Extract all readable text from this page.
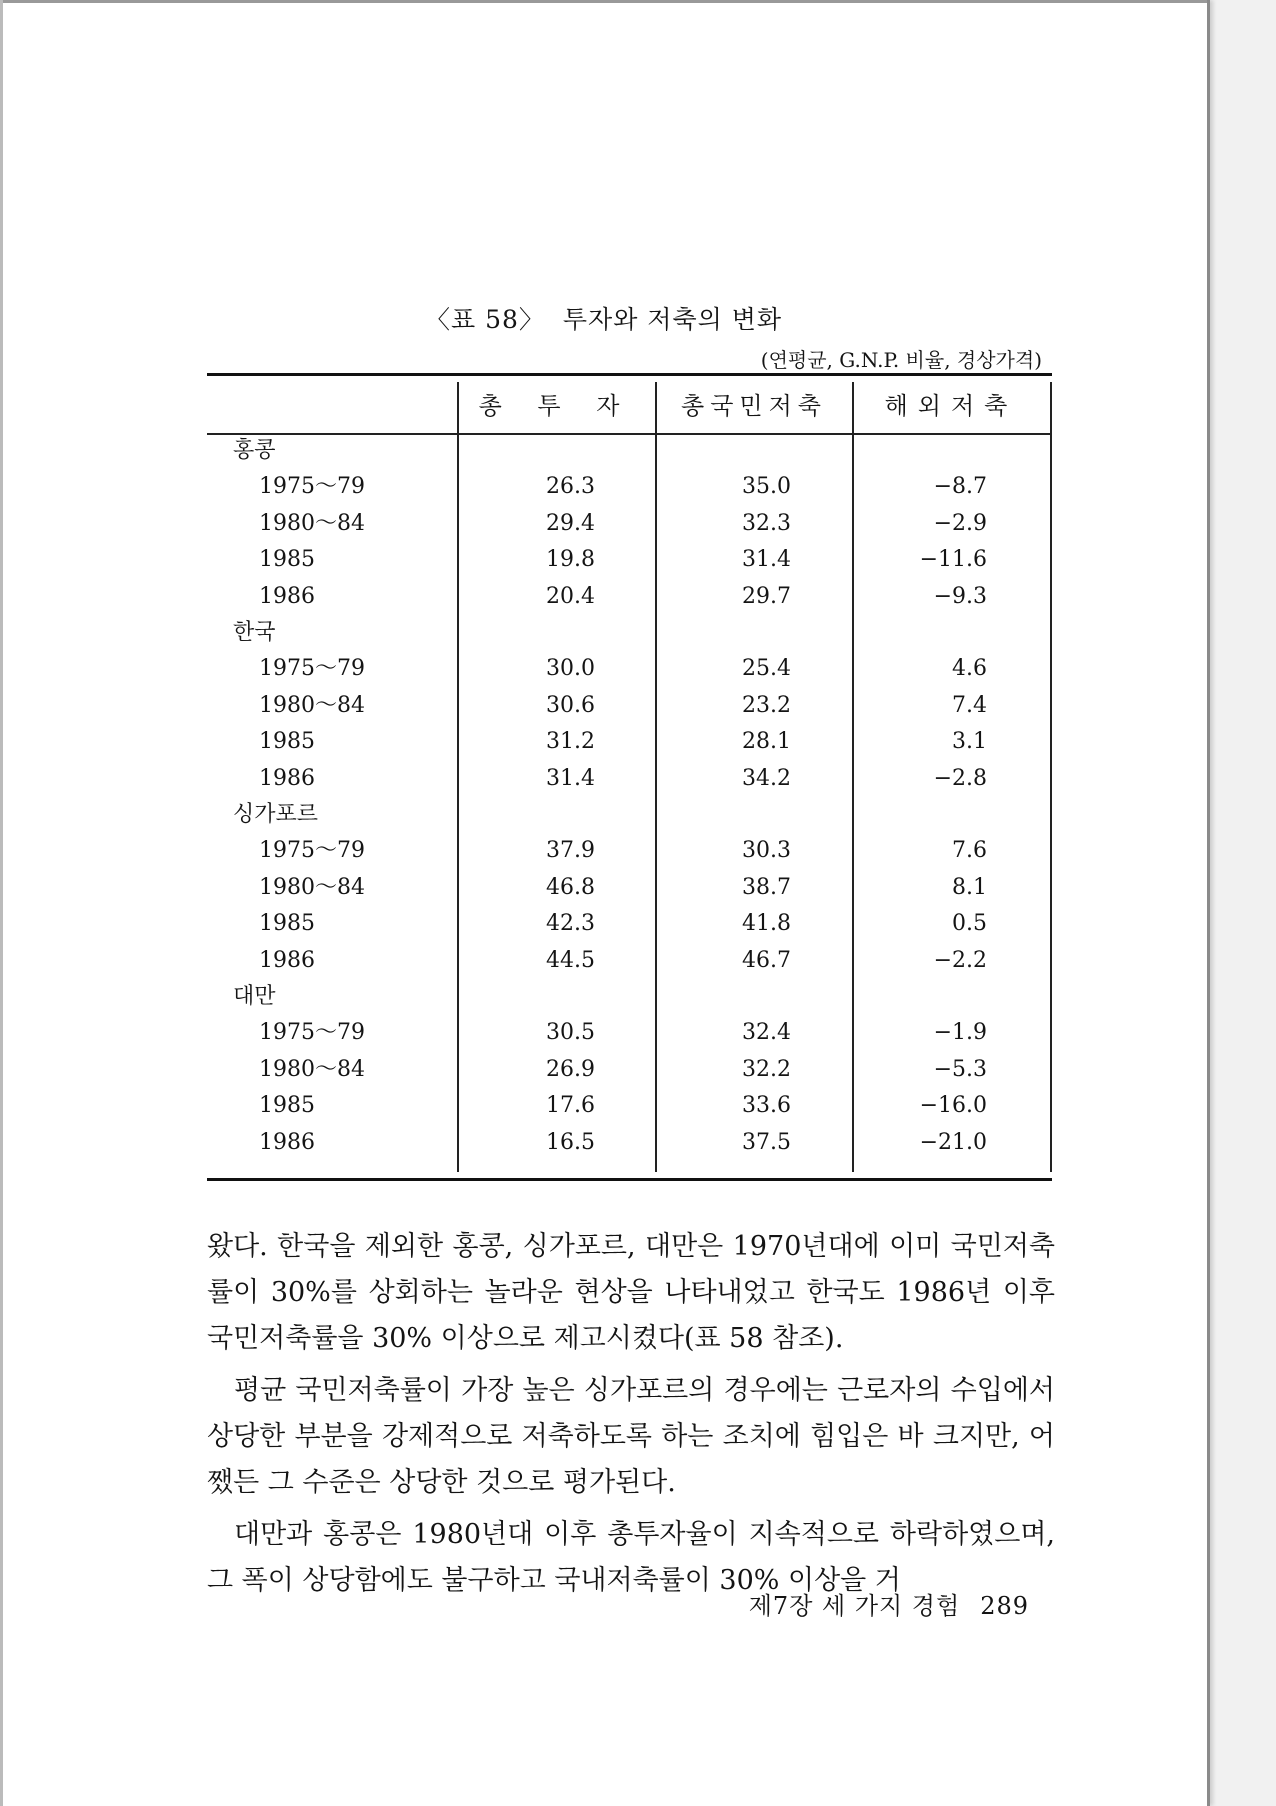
〈표 58〉 투자와 저축의 변화
(연평균, G.N.P. 비율, 경상가격)
총 투 자	총국민저축	해외저축
홍콩
1975～79	26.3	35.0	−8.7
1980～84	29.4	32.3	−2.9
1985	19.8	31.4	−11.6
1986	20.4	29.7	−9.3
한국
1975～79	30.0	25.4	4.6
1980～84	30.6	23.2	7.4
1985	31.2	28.1	3.1
1986	31.4	34.2	−2.8
싱가포르
1975～79	37.9	30.3	7.6
1980～84	46.8	38.7	8.1
1985	42.3	41.8	0.5
1986	44.5	46.7	−2.2
대만
1975～79	30.5	32.4	−1.9
1980～84	26.9	32.2	−5.3
1985	17.6	33.6	−16.0
1986	16.5	37.5	−21.0

왔다. 한국을 제외한 홍콩, 싱가포르, 대만은 1970년대에 이미 국민저축률이 30%를 상회하는 놀라운 현상을 나타내었고 한국도 1986년 이후 국민저축률을 30% 이상으로 제고시켰다(표 58 참조).

평균 국민저축률이 가장 높은 싱가포르의 경우에는 근로자의 수입에서 상당한 부분을 강제적으로 저축하도록 하는 조치에 힘입은 바 크지만, 어쨌든 그 수준은 상당한 것으로 평가된다.

대만과 홍콩은 1980년대 이후 총투자율이 지속적으로 하락하였으며, 그 폭이 상당함에도 불구하고 국내저축률이 30% 이상을 거

제7장 세 가지 경험 289
